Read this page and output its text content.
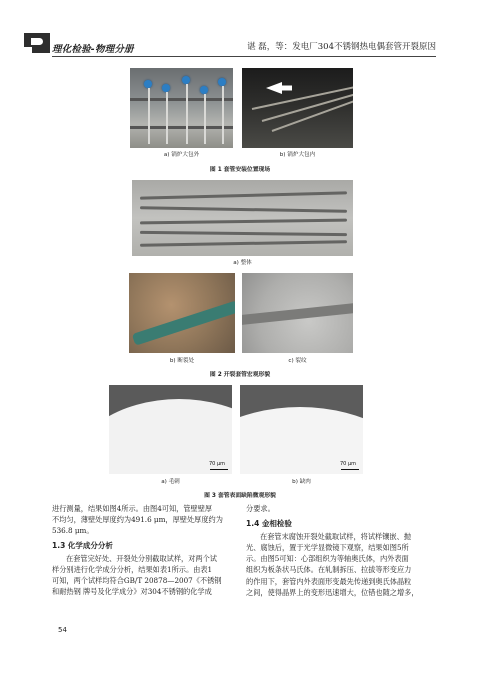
理化检验-物理分册	谌 磊，等：发电厂304不锈钢热电偶套管开裂原因
a) 锅炉大包外	b) 锅炉大包内
图 1 套管安装位置现场
a) 整体
b) 断裂处	c) 裂纹
图 2 开裂套管宏观形貌
70 μm
a) 毛刺
70 μm
b) 缺肉
图 3 套管表面缺陷微观形貌
进行测量，结果如图4所示。由图4可知，管壁壁厚
不均匀，薄壁处厚度约为491.6 μm，厚壁处厚度约为
536.8 μm。
1.3 化学成分分析
在套管完好处、开裂处分别截取试样，对两个试
样分别进行化学成分分析，结果如表1所示。由表1
可知，两个试样均符合GB/T 20878—2007《不锈钢
和耐热钢 牌号及化学成分》对304不锈钢的化学成
分要求。
1.4 金相检验
在套管末腐蚀开裂处截取试样，将试样镶嵌、抛
光、腐蚀后，置于光学显微镜下观察，结果如图5所
示。由图5可知：心部组织为等轴奥氏体，内外表面
组织为板条状马氏体。在轧制拆压、拉拔等形变应力
的作用下，套管内外表面形变最先传递到奥氏体晶粒
之间，使得晶界上的变形迅速增大，位错也随之增多，
54
